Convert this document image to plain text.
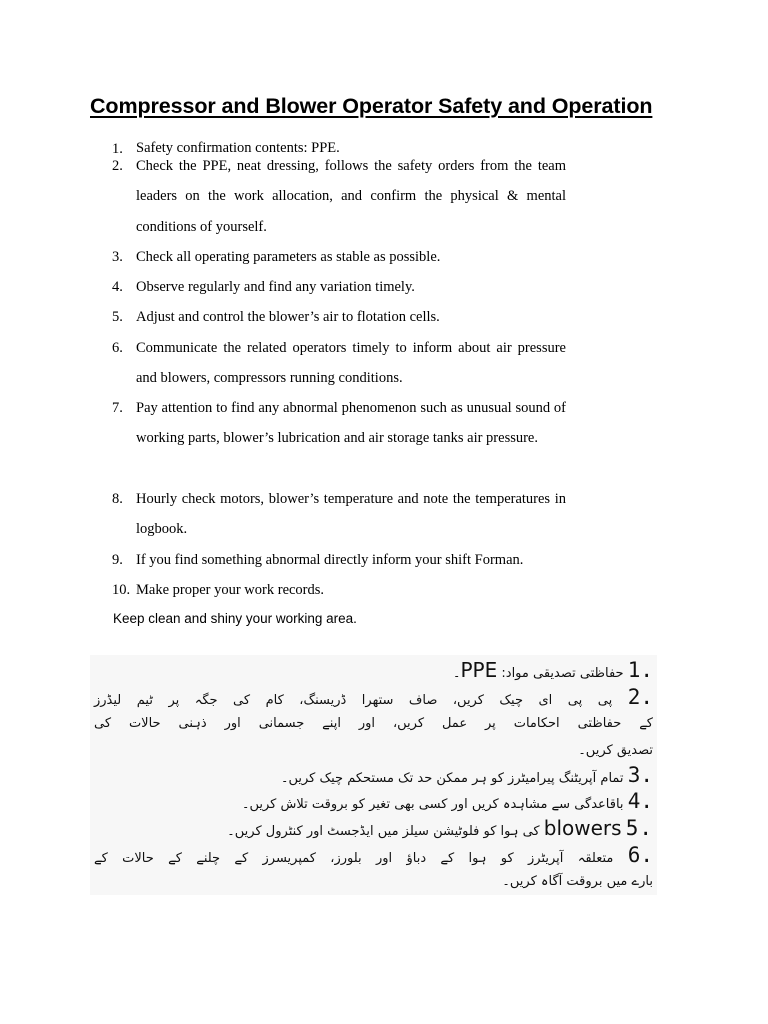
Compressor and Blower Operator Safety and Operation
1. Safety confirmation contents: PPE.
2. Check the PPE, neat dressing, follows the safety orders from the team leaders on the work allocation, and confirm the physical & mental conditions of yourself.
3. Check all operating parameters as stable as possible.
4. Observe regularly and find any variation timely.
5. Adjust and control the blower’s air to flotation cells.
6. Communicate the related operators timely to inform about air pressure and blowers, compressors running conditions.
7. Pay attention to find any abnormal phenomenon such as unusual sound of working parts, blower’s lubrication and air storage tanks air pressure.
8. Hourly check motors, blower’s temperature and note the temperatures in logbook.
9. If you find something abnormal directly inform your shift Forman.
10. Make proper your work records.

Keep clean and shiny your working area.

1. حفاظتی تصدیقی مواد: PPE۔

2. پی پی ای چیک کریں، صاف ستھرا ڈریسنگ، کام کی جگہ پر ٹیم لیڈرز

کے حفاظتی احکامات پر عمل کریں، اور اپنے جسمانی اور ذہنی حالات کی

تصدیق کریں۔

3. تمام آپریٹنگ پیرامیٹرز کو ہر ممکن حد تک مستحکم چیک کریں۔

4. باقاعدگی سے مشاہدہ کریں اور کسی بھی تغیر کو بروقت تلاش کریں۔

5. blowers کی ہوا کو فلوٹیشن سیلز میں ایڈجسٹ اور کنٹرول کریں۔

6. متعلقہ آپریٹرز کو ہوا کے دباؤ اور بلورز، کمپریسرز کے چلنے کے حالات کے

بارے میں بروقت آگاہ کریں۔
